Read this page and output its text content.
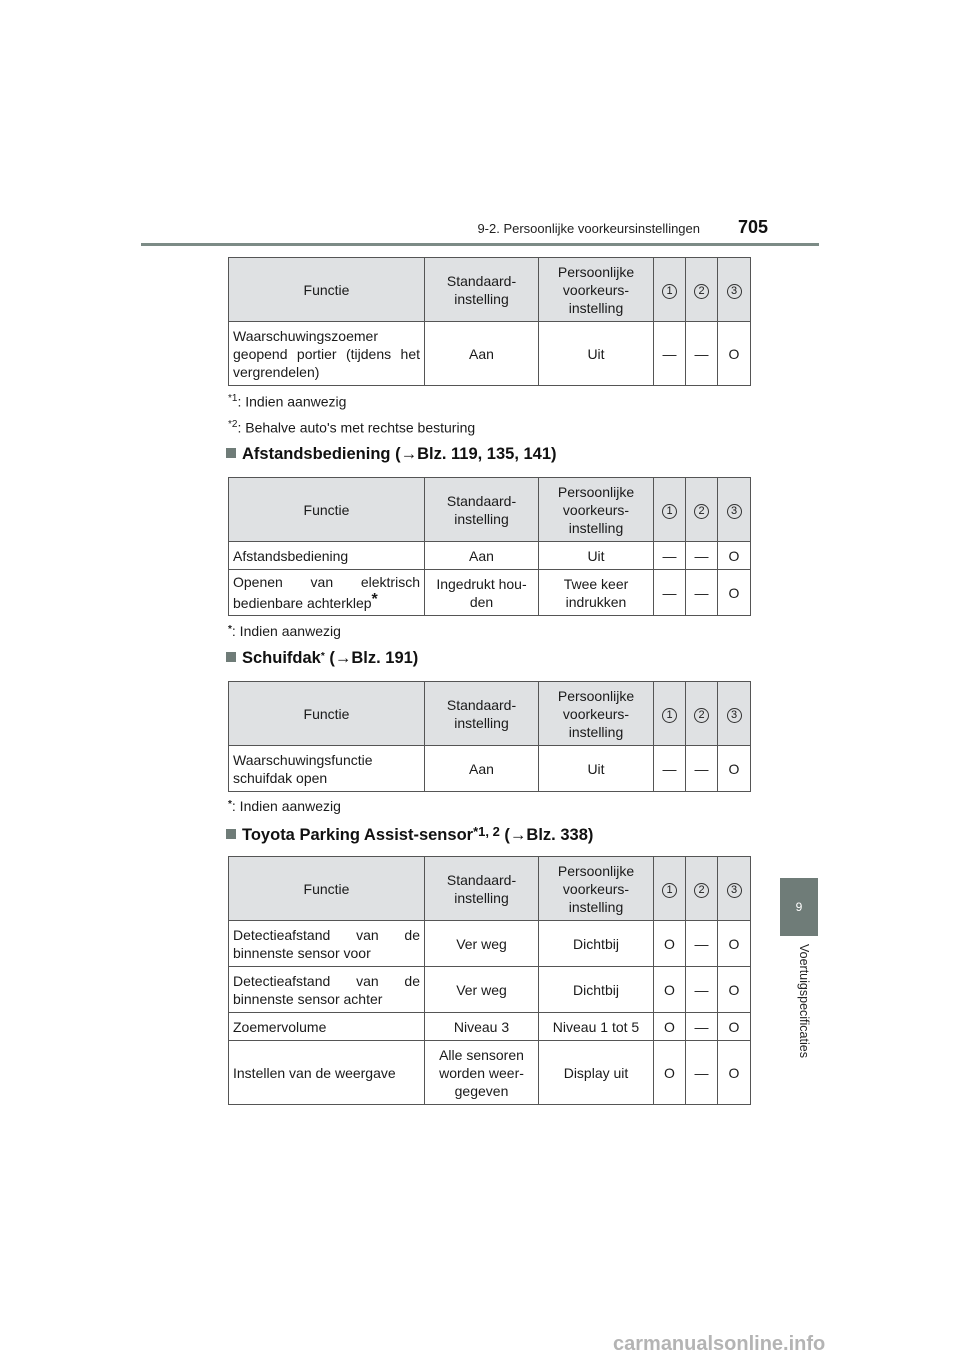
9-2. Persoonlijke voorkeursinstellingen 705
9
Voertuigspecificaties
Functie	Standaard-instelling	Persoonlijke voorkeurs-instelling	1	2	3
Waarschuwingszoemer geopend portier (tijdens het vergrendelen)	Aan	Uit	—	—	O
$^{*1}$: Indien aanwezig
$^{*2}$: Behalve auto's met rechtse besturing
Afstandsbediening (→Blz. 119, 135, 141)
Functie	Standaard-instelling	Persoonlijke voorkeurs-instelling	1	2	3
Afstandsbediening	Aan	Uit	—	—	O
Openen van elektrisch bedienbare achterklep*	Ingedrukt hou-den	Twee keer indrukken	—	—	O
*: Indien aanwezig
Schuifdak* (→Blz. 191)
Functie	Standaard-instelling	Persoonlijke voorkeurs-instelling	1	2	3
Waarschuwingsfunctie schuifdak open	Aan	Uit	—	—	O
*: Indien aanwezig
Toyota Parking Assist-sensor$^{*1, 2}$ (→Blz. 338)
Functie	Standaard-instelling	Persoonlijke voorkeurs-instelling	1	2	3
Detectieafstand van de binnenste sensor voor	Ver weg	Dichtbij	O	—	O
Detectieafstand van de binnenste sensor achter	Ver weg	Dichtbij	O	—	O
Zoemervolume	Niveau 3	Niveau 1 tot 5	O	—	O
Instellen van de weergave	Alle sensoren worden weer-gegeven	Display uit	O	—	O
carmanualsonline.info
